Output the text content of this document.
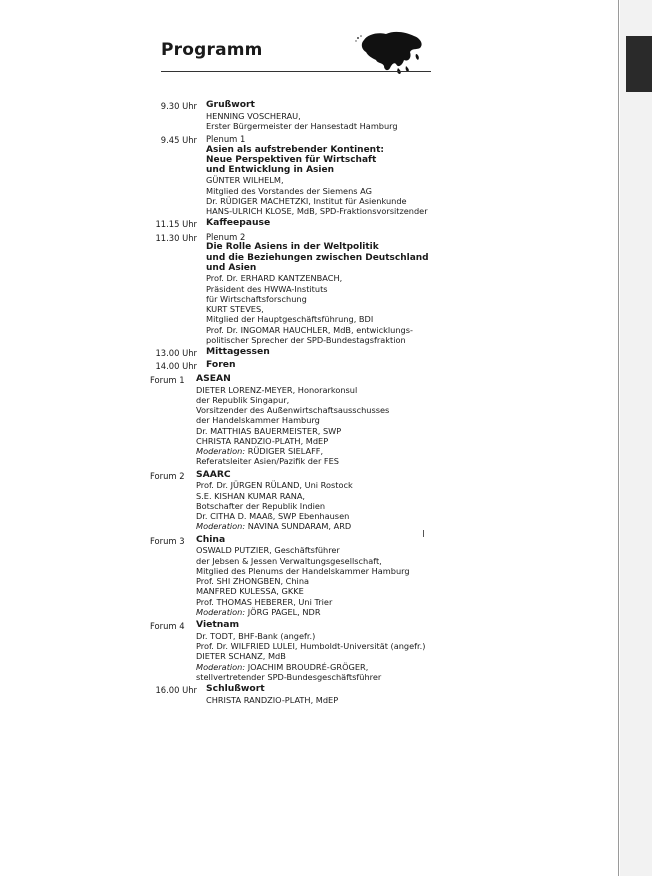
Programm
9.30 Uhr Grußwort
HENNING VOSCHERAU,
Erster Bürgermeister der Hansestadt Hamburg
9.45 Uhr Plenum 1
Asien als aufstrebender Kontinent:
Neue Perspektiven für Wirtschaft
und Entwicklung in Asien
GÜNTER WILHELM,
Mitglied des Vorstandes der Siemens AG
Dr. RÜDIGER MACHETZKI, Institut für Asienkunde
HANS-ULRICH KLOSE, MdB, SPD-Fraktionsvorsitzender
11.15 Uhr Kaffeepause
11.30 Uhr Plenum 2
Die Rolle Asiens in der Weltpolitik
und die Beziehungen zwischen Deutschland
und Asien
Prof. Dr. ERHARD KANTZENBACH,
Präsident des HWWA-Instituts
für Wirtschaftsforschung
KURT STEVES,
Mitglied der Hauptgeschäftsführung, BDI
Prof. Dr. INGOMAR HAUCHLER, MdB, entwicklungs-
politischer Sprecher der SPD-Bundestagsfraktion
13.00 Uhr Mittagessen
14.00 Uhr Foren
Forum 1 ASEAN
DIETER LORENZ-MEYER, Honorarkonsul
der Republik Singapur,
Vorsitzender des Außenwirtschaftsausschusses
der Handelskammer Hamburg
Dr. MATTHIAS BAUERMEISTER, SWP
CHRISTA RANDZIO-PLATH, MdEP
Moderation: RÜDIGER SIELAFF,
Referatsleiter Asien/Pazifik der FES
Forum 2 SAARC
Prof. Dr. JÜRGEN RÜLAND, Uni Rostock
S.E. KISHAN KUMAR RANA,
Botschafter der Republik Indien
Dr. CITHA D. MAAß, SWP Ebenhausen
Moderation: NAVINA SUNDARAM, ARD
Forum 3 China
OSWALD PUTZIER, Geschäftsführer
der Jebsen & Jessen Verwaltungsgesellschaft,
Mitglied des Plenums der Handelskammer Hamburg
Prof. SHI ZHONGBEN, China
MANFRED KULESSA, GKKE
Prof. THOMAS HEBERER, Uni Trier
Moderation: JÖRG PAGEL, NDR
Forum 4 Vietnam
Dr. TODT, BHF-Bank (angefr.)
Prof. Dr. WILFRIED LULEI, Humboldt-Universität (angefr.)
DIETER SCHANZ, MdB
Moderation: JOACHIM BROUDRÉ-GRÖGER,
stellvertretender SPD-Bundesgeschäftsführer
16.00 Uhr Schlußwort
CHRISTA RANDZIO-PLATH, MdEP
